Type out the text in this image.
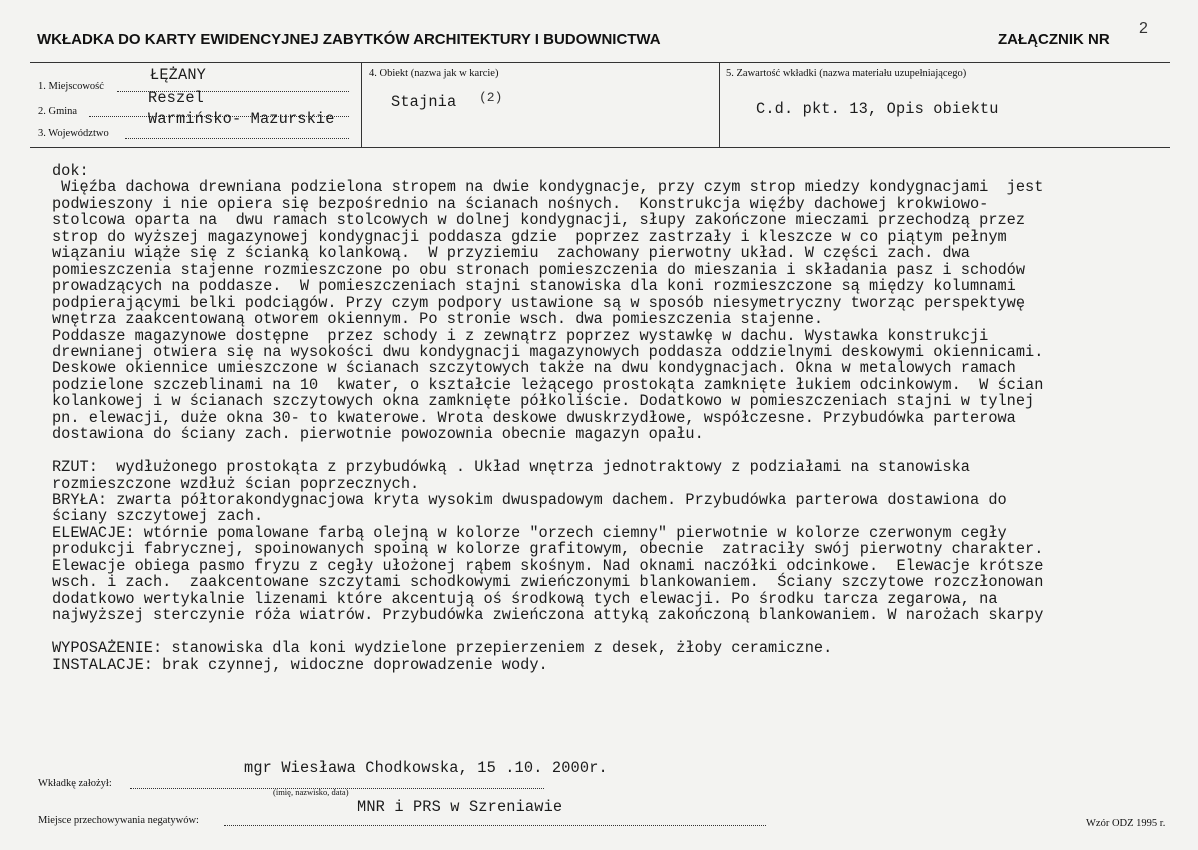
WKŁADKA DO KARTY EWIDENCYJNEJ ZABYTKÓW ARCHITEKTURY I BUDOWNICTWA	ZAŁĄCZNIK NR
2
1. Miejscowość
ŁĘŻANY
2. Gmina
Reszel
3. Województwo
Warmińsko- Mazurskie
4. Obiekt (nazwa jak w karcie)
Stajnia (2)
5. Zawartość wkładki (nazwa materiału uzupełniającego)
C.d. pkt. 13, Opis obiektu
dok:
Więźba dachowa drewniana podzielona stropem na dwie kondygnacje, przy czym strop miedzy kondygnacjami  jest
podwieszony i nie opiera się bezpośrednio na ścianach nośnych.  Konstrukcja więźby dachowej krokwiowo-
stolcowa oparta na  dwu ramach stolcowych w dolnej kondygnacji, słupy zakończone mieczami przechodzą przez
strop do wyższej magazynowej kondygnacji poddasza gdzie  poprzez zastrzały i kleszcze w co piątym pełnym
wiązaniu wiąże się z ścianką kolankową.  W przyziemiu  zachowany pierwotny układ. W części zach. dwa
pomieszczenia stajenne rozmieszczone po obu stronach pomieszczenia do mieszania i składania pasz i schodów
prowadzących na poddasze.  W pomieszczeniach stajni stanowiska dla koni rozmieszczone są między kolumnami
podpierającymi belki podciągów. Przy czym podpory ustawione są w sposób niesymetryczny tworząc perspektywę
wnętrza zaakcentowaną otworem okiennym. Po stronie wsch. dwa pomieszczenia stajenne.
Poddasze magazynowe dostępne  przez schody i z zewnątrz poprzez wystawkę w dachu. Wystawka konstrukcji
drewnianej otwiera się na wysokości dwu kondygnacji magazynowych poddasza oddzielnymi deskowymi okiennicami.
Deskowe okiennice umieszczone w ścianach szczytowych także na dwu kondygnacjach. Okna w metalowych ramach
podzielone szczeblinami na 10  kwater, o kształcie leżącego prostokąta zamknięte łukiem odcinkowym.  W ścian
kolankowej i w ścianach szczytowych okna zamknięte półkoliście. Dodatkowo w pomieszczeniach stajni w tylnej
pn. elewacji, duże okna 30- to kwaterowe. Wrota deskowe dwuskrzydłowe, współczesne. Przybudówka parterowa
dostawiona do ściany zach. pierwotnie powozownia obecnie magazyn opału.
RZUT:  wydłużonego prostokąta z przybudówką . Układ wnętrza jednotraktowy z podziałami na stanowiska
rozmieszczone wzdłuż ścian poprzecznych.
BRYŁA: zwarta półtorakondygnacjowa kryta wysokim dwuspadowym dachem. Przybudówka parterowa dostawiona do
ściany szczytowej zach.
ELEWACJE: wtórnie pomalowane farbą olejną w kolorze "orzech ciemny" pierwotnie w kolorze czerwonym cegły
produkcji fabrycznej, spoinowanych spoiną w kolorze grafitowym, obecnie  zatraciły swój pierwotny charakter.
Elewacje obiega pasmo fryzu z cegły ułożonej rąbem skośnym. Nad oknami naczółki odcinkowe.  Elewacje krótsze
wsch. i zach.  zaakcentowane szczytami schodkowymi zwieńczonymi blankowaniem.  Ściany szczytowe rozczłonowan
dodatkowo wertykalnie lizenami które akcentują oś środkową tych elewacji. Po środku tarcza zegarowa, na
najwyższej sterczynie róża wiatrów. Przybudówka zwieńczona attyką zakończoną blankowaniem. W narożach skarpy
WYPOSAŻENIE: stanowiska dla koni wydzielone przepierzeniem z desek, żłoby ceramiczne.
INSTALACJE: brak czynnej, widoczne doprowadzenie wody.
mgr Wiesława Chodkowska, 15 .10. 2000r.
Wkładkę założył:
(imię, nazwisko, data)
MNR i PRS w Szreniawie
Miejsce przechowywania negatywów:	Wzór ODZ 1995 r.
